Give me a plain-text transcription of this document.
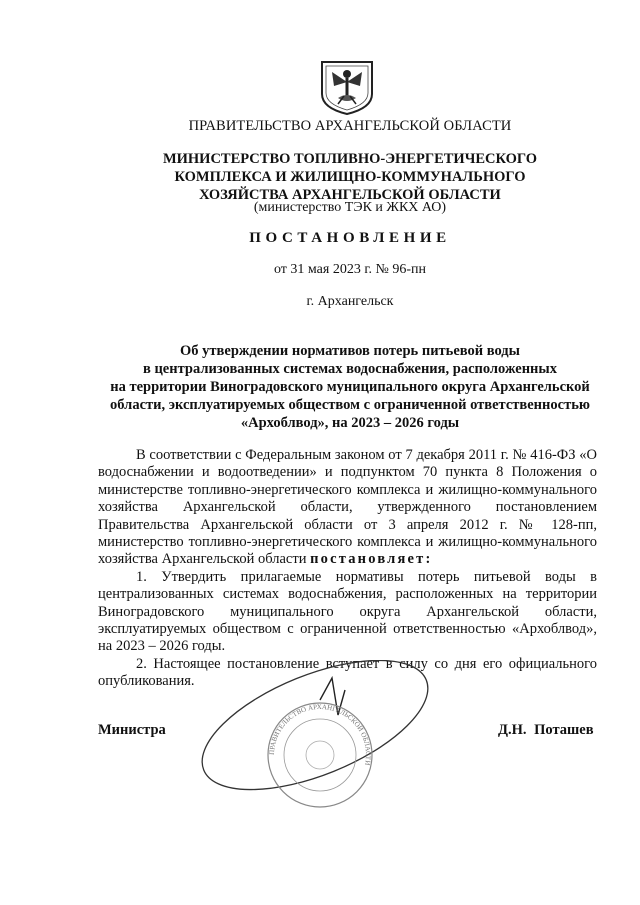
ПРАВИТЕЛЬСТВО АРХАНГЕЛЬСКОЙ ОБЛАСТИ
МИНИСТЕРСТВО ТОПЛИВНО-ЭНЕРГЕТИЧЕСКОГО
КОМПЛЕКСА И ЖИЛИЩНО-КОММУНАЛЬНОГО
ХОЗЯЙСТВА АРХАНГЕЛЬСКОЙ ОБЛАСТИ
(министерство ТЭК и ЖКХ АО)
ПОСТАНОВЛЕНИЕ
от 31 мая 2023 г. № 96-пн
г. Архангельск
Об утверждении нормативов потерь питьевой воды
в централизованных системах водоснабжения, расположенных
на территории Виноградовского муниципального округа Архангельской
области, эксплуатируемых обществом с ограниченной ответственностью
«Архоблвод», на 2023 – 2026 годы

В соответствии с Федеральным законом от 7 декабря 2011 г. № 416-ФЗ «О водоснабжении и водоотведении» и подпунктом 70 пункта 8 Положения о министерстве топливно-энергетического комплекса и жилищно-коммунального хозяйства Архангельской области, утвержденного постановлением Правительства Архангельской области от 3 апреля 2012 г. № 128-пп, министерство топливно-энергетического комплекса и жилищно-коммунального хозяйства Архангельской области постановляет:

1. Утвердить прилагаемые нормативы потерь питьевой воды в централизованных системах водоснабжения, расположенных на территории Виноградовского муниципального округа Архангельской области, эксплуатируемых обществом с ограниченной ответственностью «Архоблвод», на 2023 – 2026 годы.

2. Настоящее постановление вступает в силу со дня его официального опубликования.

ПРАВИТЕЛЬСТВО АРХАНГЕЛЬСКОЙ ОБЛАСТИ
Министра	Д.Н. Поташев
